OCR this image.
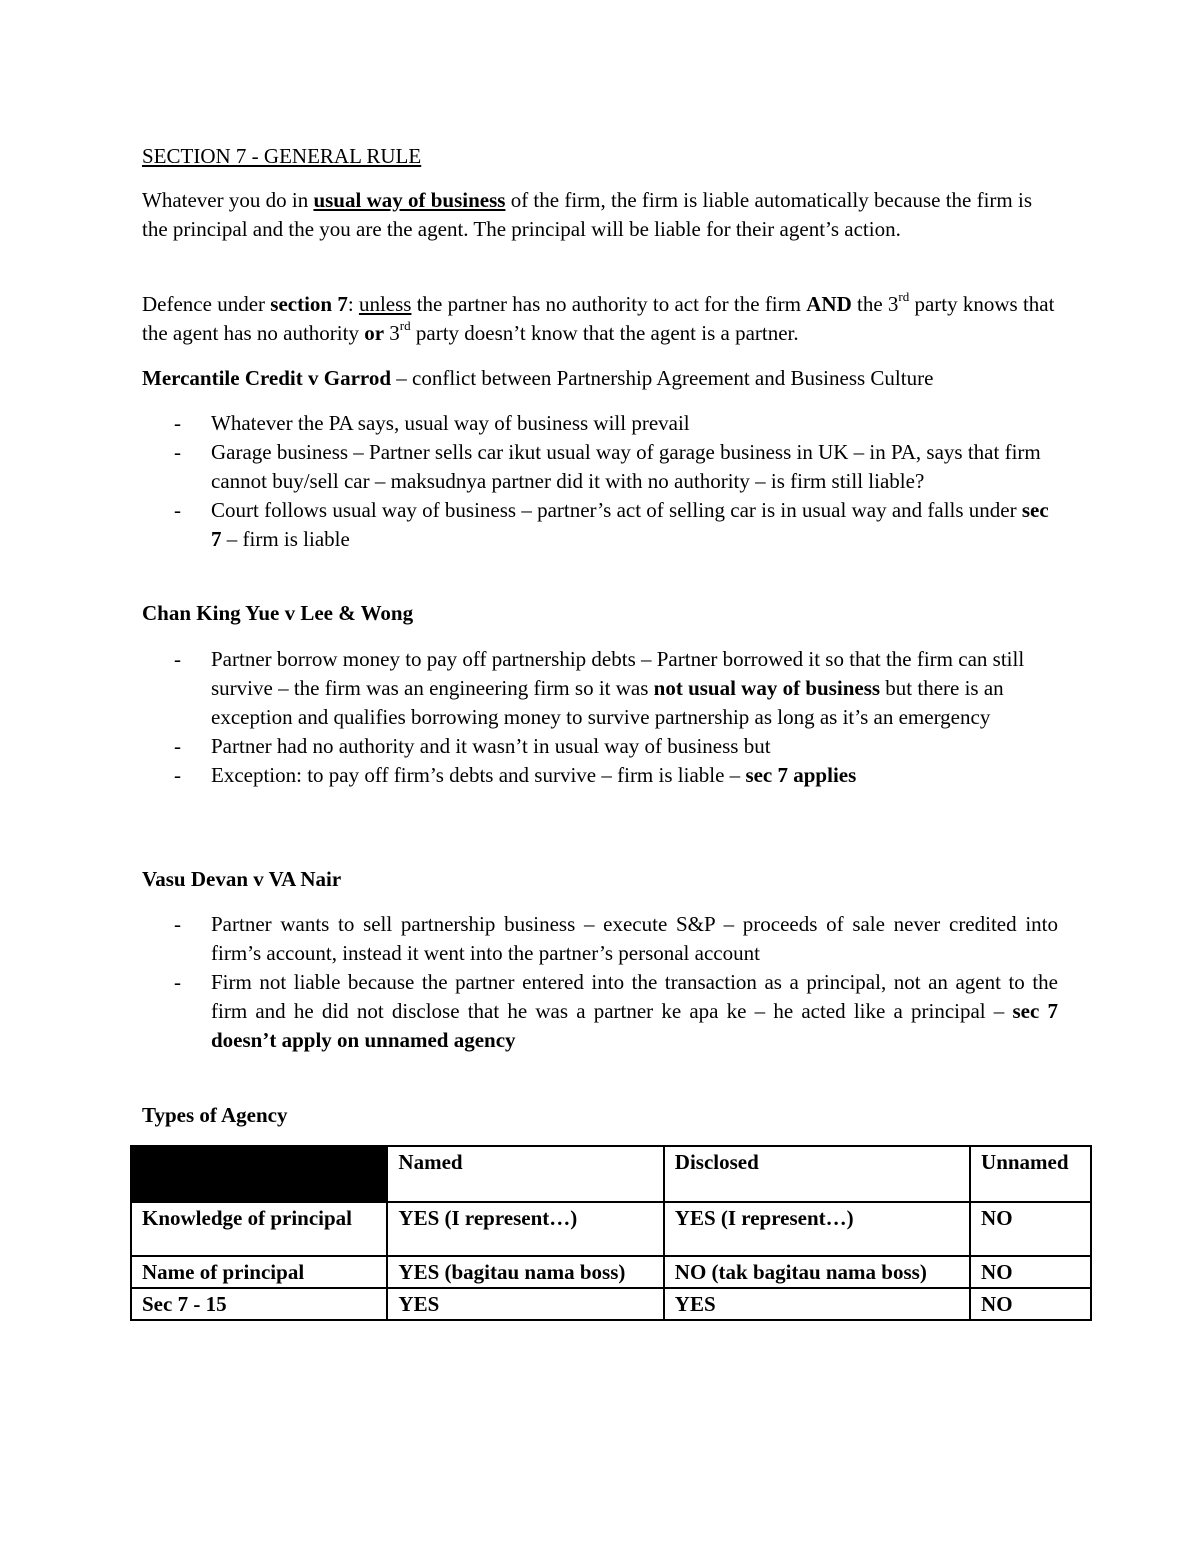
SECTION 7 - GENERAL RULE

Whatever you do in usual way of business of the firm, the firm is liable automatically because the firm is the principal and the you are the agent. The principal will be liable for their agent’s action.

Defence under section 7: unless the partner has no authority to act for the firm AND the 3rd party knows that the agent has no authority or 3rd party doesn’t know that the agent is a partner.

Mercantile Credit v Garrod – conflict between Partnership Agreement and Business Culture

- Whatever the PA says, usual way of business will prevail
- Garage business – Partner sells car ikut usual way of garage business in UK – in PA, says that firm cannot buy/sell car – maksudnya partner did it with no authority – is firm still liable?
- Court follows usual way of business – partner’s act of selling car is in usual way and falls under sec 7 – firm is liable
Chan King Yue v Lee & Wong
- Partner borrow money to pay off partnership debts – Partner borrowed it so that the firm can still survive – the firm was an engineering firm so it was not usual way of business but there is an exception and qualifies borrowing money to survive partnership as long as it’s an emergency
- Partner had no authority and it wasn’t in usual way of business but
- Exception: to pay off firm’s debts and survive – firm is liable – sec 7 applies
Vasu Devan v VA Nair
- Partner wants to sell partnership business – execute S&P – proceeds of sale never credited into firm’s account, instead it went into the partner’s personal account
- Firm not liable because the partner entered into the transaction as a principal, not an agent to the firm and he did not disclose that he was a partner ke apa ke – he acted like a principal – sec 7 doesn’t apply on unnamed agency
Types of Agency
	Named	Disclosed	Unnamed
Knowledge of principal	YES (I represent…)	YES (I represent…)	NO
Name of principal	YES (bagitau nama boss)	NO (tak bagitau nama boss)	NO
Sec 7 - 15	YES	YES	NO
